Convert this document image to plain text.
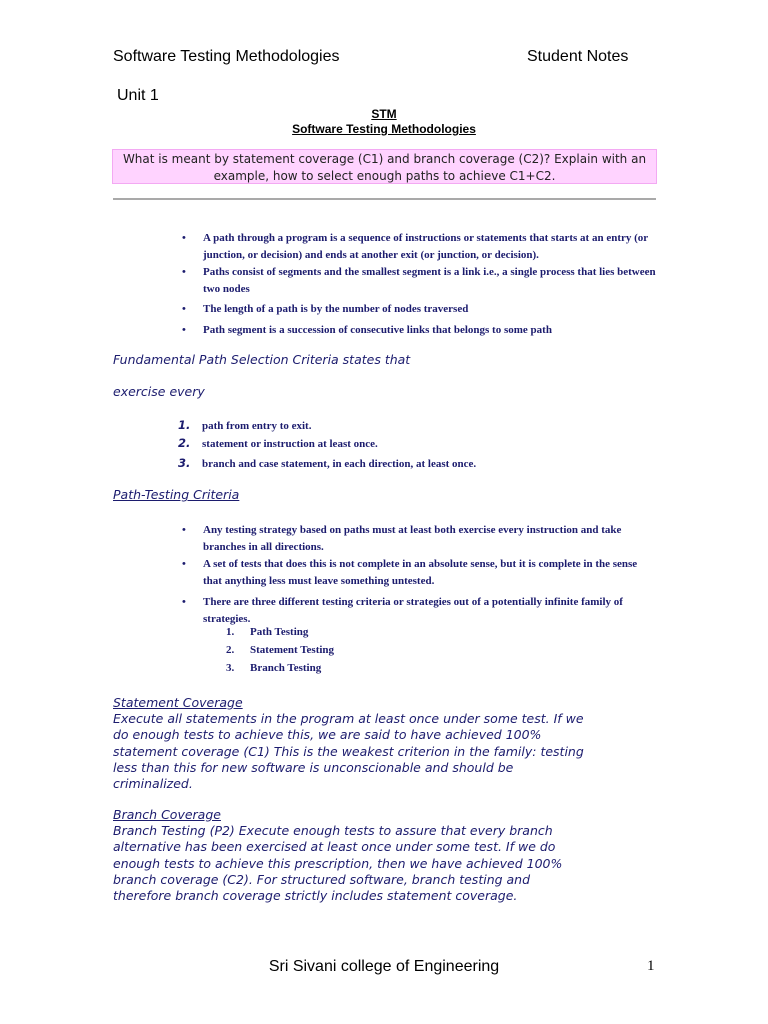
Software Testing Methodologies	Student Notes
Unit 1
STM
Software Testing Methodologies
What is meant by statement coverage (C1) and branch coverage (C2)? Explain with an example, how to select enough paths to achieve C1+C2.
• A path through a program is a sequence of instructions or statements that starts at an entry (or junction, or decision) and ends at another exit (or junction, or decision).
• Paths consist of segments and the smallest segment is a link i.e., a single process that lies between two nodes
• The length of a path is by the number of nodes traversed
• Path segment is a succession of consecutive links that belongs to some path
Fundamental Path Selection Criteria states that
exercise every
1. path from entry to exit.
2. statement or instruction at least once.
3. branch and case statement, in each direction, at least once.
Path-Testing Criteria
• Any testing strategy based on paths must at least both exercise every instruction and take branches in all directions.
• A set of tests that does this is not complete in an absolute sense, but it is complete in the sense that anything less must leave something untested.
• There are three different testing criteria or strategies out of a potentially infinite family of strategies.
1. Path Testing
2. Statement Testing
3. Branch Testing
Statement Coverage
Execute all statements in the program at least once under some test. If we
do enough tests to achieve this, we are said to have achieved 100%
statement coverage (C1) This is the weakest criterion in the family: testing
less than this for new software is unconscionable and should be
criminalized.
Branch Coverage
Branch Testing (P2) Execute enough tests to assure that every branch
alternative has been exercised at least once under some test. If we do
enough tests to achieve this prescription, then we have achieved 100%
branch coverage (C2). For structured software, branch testing and
therefore branch coverage strictly includes statement coverage.
Sri Sivani college of Engineering	1
